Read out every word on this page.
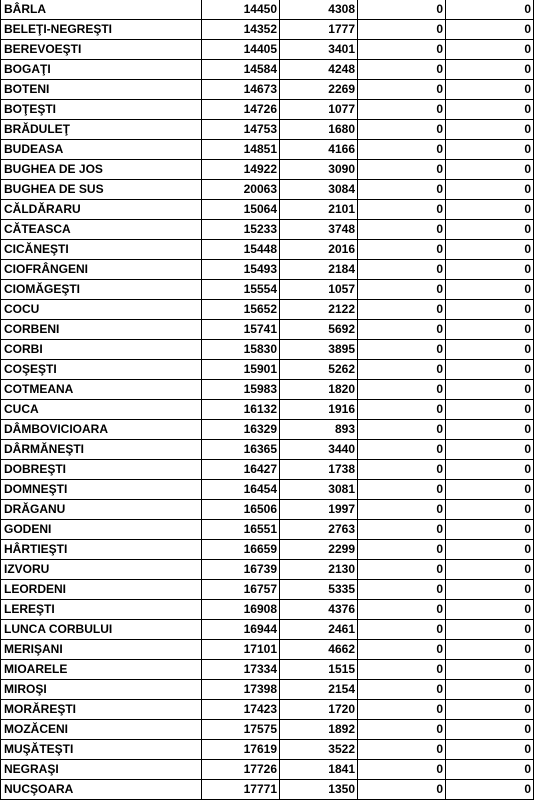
BÂRLA	14450	4308	0	0
BELEŢI-NEGREŞTI	14352	1777	0	0
BEREVOEŞTI	14405	3401	0	0
BOGAŢI	14584	4248	0	0
BOTENI	14673	2269	0	0
BOŢEŞTI	14726	1077	0	0
BRĂDULEŢ	14753	1680	0	0
BUDEASA	14851	4166	0	0
BUGHEA DE JOS	14922	3090	0	0
BUGHEA DE SUS	20063	3084	0	0
CĂLDĂRARU	15064	2101	0	0
CĂTEASCA	15233	3748	0	0
CICĂNEŞTI	15448	2016	0	0
CIOFRÂNGENI	15493	2184	0	0
CIOMĂGEŞTI	15554	1057	0	0
COCU	15652	2122	0	0
CORBENI	15741	5692	0	0
CORBI	15830	3895	0	0
COŞEŞTI	15901	5262	0	0
COTMEANA	15983	1820	0	0
CUCA	16132	1916	0	0
DÂMBOVICIOARA	16329	893	0	0
DÂRMĂNEŞTI	16365	3440	0	0
DOBREŞTI	16427	1738	0	0
DOMNEŞTI	16454	3081	0	0
DRĂGANU	16506	1997	0	0
GODENI	16551	2763	0	0
HÂRTIEŞTI	16659	2299	0	0
IZVORU	16739	2130	0	0
LEORDENI	16757	5335	0	0
LEREŞTI	16908	4376	0	0
LUNCA CORBULUI	16944	2461	0	0
MERIŞANI	17101	4662	0	0
MIOARELE	17334	1515	0	0
MIROŞI	17398	2154	0	0
MORĂREŞTI	17423	1720	0	0
MOZĂCENI	17575	1892	0	0
MUŞĂTEŞTI	17619	3522	0	0
NEGRAŞI	17726	1841	0	0
NUCŞOARA	17771	1350	0	0
